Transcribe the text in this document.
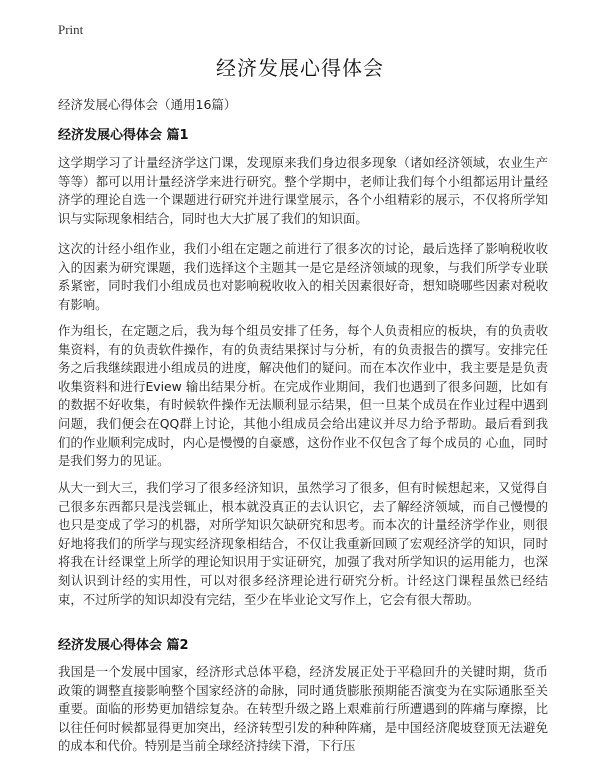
Print
经济发展心得体会
经济发展心得体会（通用16篇）
经济发展心得体会 篇1
这学期学习了计量经济学这门课，发现原来我们身边很多现象（诸如经济领域，农业生产等等）都可以用计量经济学来进行研究。整个学期中，老师让我们每个小组都运用计量经济学的理论自选一个课题进行研究并进行课堂展示，各个小组精彩的展示，不仅将所学知识与实际现象相结合，同时也大大扩展了我们的知识面。
这次的计经小组作业，我们小组在定题之前进行了很多次的讨论，最后选择了影响税收收入的因素为研究课题，我们选择这个主题其一是它是经济领域的现象，与我们所学专业联系紧密，同时我们小组成员也对影响税收收入的相关因素很好奇，想知晓哪些因素对税收有影响。
作为组长，在定题之后，我为每个组员安排了任务，每个人负责相应的板块，有的负责收集资料，有的负责软件操作，有的负责结果探讨与分析，有的负责报告的撰写。安排完任务之后我继续跟进小组成员的进度，解决他们的疑问。而在本次作业中，我主要是是负责收集资料和进行Eview 输出结果分析。在完成作业期间，我们也遇到了很多问题，比如有的数据不好收集，有时候软件操作无法顺利显示结果，但一旦某个成员在作业过程中遇到问题，我们便会在QQ群上讨论，其他小组成员会给出建议并尽力给予帮助。最后看到我们的作业顺利完成时，内心是慢慢的自豪感，这份作业不仅包含了每个成员的 心血，同时是我们努力的见证。
从大一到大三，我们学习了很多经济知识，虽然学习了很多，但有时候想起来，又觉得自己很多东西都只是浅尝辄止，根本就没真正的去认识它，去了解经济领域，而自己慢慢的也只是变成了学习的机器，对所学知识欠缺研究和思考。而本次的计量经济学作业，则很好地将我们的所学与现实经济现象相结合，不仅让我重新回顾了宏观经济学的知识，同时将我在计经课堂上所学的理论知识用于实证研究，加强了我对所学知识的运用能力，也深刻认识到计经的实用性，可以对很多经济理论进行研究分析。计经这门课程虽然已经结束，不过所学的知识却没有完结，至少在毕业论文写作上，它会有很大帮助。
经济发展心得体会 篇2
我国是一个发展中国家，经济形式总体平稳，经济发展正处于平稳回升的关键时期，货币政策的调整直接影响整个国家经济的命脉，同时通货膨胀预期能否演变为在实际通胀至关重要。面临的形势更加错综复杂。在转型升级之路上艰难前行所遭遇到的阵痛与摩擦，比以往任何时候都显得更加突出，经济转型引发的种种阵痛，是中国经济爬坡登顶无法避免的成本和代价。特别是当前全球经济持续下滑，下行压
